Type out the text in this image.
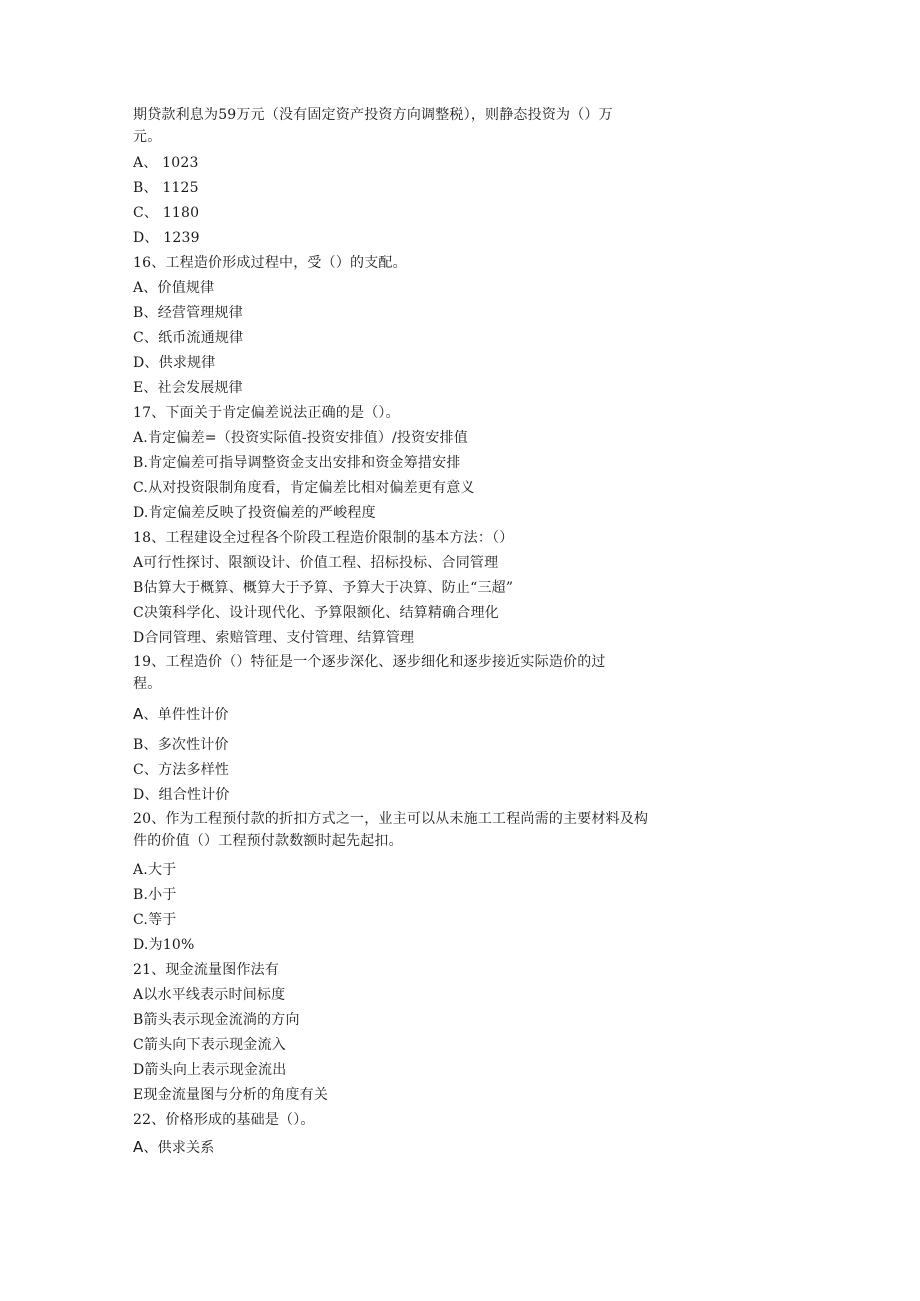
期贷款利息为59万元（没有固定资产投资方向调整税），则静态投资为（）万
元。
A、 1023
B、 1125
C、 1180
D、 1239
16、工程造价形成过程中，受（）的支配。
A、价值规律
B、经营管理规律
C、纸币流通规律
D、供求规律
E、社会发展规律
17、下面关于肯定偏差说法正确的是（）。
A.肯定偏差=（投资实际值-投资安排值）/投资安排值
B.肯定偏差可指导调整资金支出安排和资金筹措安排
C.从对投资限制角度看，肯定偏差比相对偏差更有意义
D.肯定偏差反映了投资偏差的严峻程度
18、工程建设全过程各个阶段工程造价限制的基本方法：（）
A可行性探讨、限额设计、价值工程、招标投标、合同管理
B估算大于概算、概算大于予算、予算大于决算、防止“三超”
C决策科学化、设计现代化、予算限额化、结算精确合理化
D合同管理、索赔管理、支付管理、结算管理
19、工程造价（）特征是一个逐步深化、逐步细化和逐步接近实际造价的过
程。
A、单件性计价
B、多次性计价
C、方法多样性
D、组合性计价
20、作为工程预付款的折扣方式之一，业主可以从未施工工程尚需的主要材料及构
件的价值（）工程预付款数额时起先起扣。
A.大于
B.小于
C.等于
D.为10%
21、现金流量图作法有
A以水平线表示时间标度
B箭头表示现金流淌的方向
C箭头向下表示现金流入
D箭头向上表示现金流出
E现金流量图与分析的角度有关
22、价格形成的基础是（）。
A、供求关系
